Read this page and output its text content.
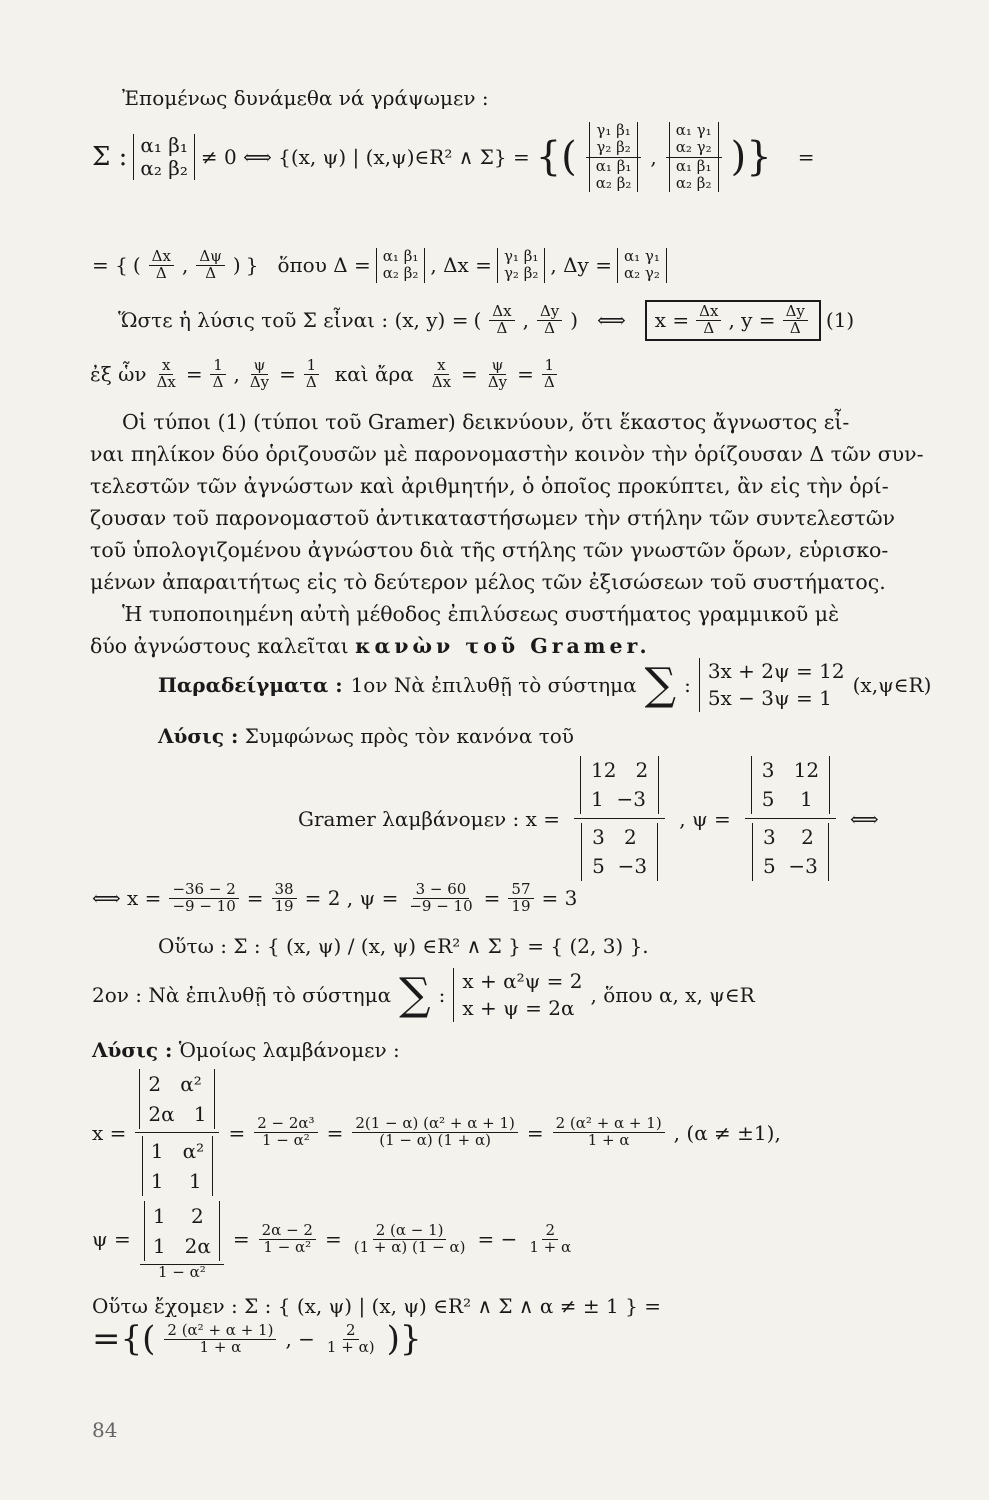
Ἐπομένως δυνάμεθα νά γράψωμεν :
Σ : α₁ β₁
α₂ β₂ ≠ 0 ⟺ {(x, ψ) | (x,ψ)∈R² ∧ Σ} = {( γ₁ β₁
γ₂ β₂
α₁ β₁
α₂ β₂ , α₁ γ₁
α₂ γ₂
α₁ β₁
α₂ β₂ )} =
= { ( $\frac{\Delta x}{\Delta}$ , $\frac{\Delta\psi}{\Delta}$ ) } ὅπου Δ = α₁ β₁
α₂ β₂ , Δx = γ₁ β₁
γ₂ β₂ , Δy = α₁ γ₁
α₂ γ₂
Ὥστε ἡ λύσις τοῦ Σ εἶναι : (x, y) = ( $\frac{\Delta x}{\Delta}$ , $\frac{\Delta y}{\Delta}$ ) ⟺ $x = \frac{\Delta x}{\Delta}$ , $y = \frac{\Delta y}{\Delta} (1)$
ἐξ ὧν $\frac{x}{\Delta x} = \frac{1}{\Delta}$ , $\frac{\psi}{\Delta y} = \frac{1}{\Delta}$ καὶ ἄρα $\frac{x}{\Delta x} = \frac{\psi}{\Delta y} = \frac{1}{\Delta}$
Οἱ τύποι (1) (τύποι τοῦ Gramer) δεικνύουν, ὅτι ἕκαστος ἄγνωστος εἶ-
ναι πηλίκον δύο ὁριζουσῶν μὲ παρονομαστὴν κοινὸν τὴν ὁρίζουσαν Δ τῶν συν-
τελεστῶν τῶν ἀγνώστων καὶ ἀριθμητήν, ὁ ὁποῖος προκύπτει, ἂν εἰς τὴν ὁρί-
ζουσαν τοῦ παρονομαστοῦ ἀντικαταστήσωμεν τὴν στήλην τῶν συντελεστῶν
τοῦ ὑπολογιζομένου ἀγνώστου διὰ τῆς στήλης τῶν γνωστῶν ὅρων, εὑρισκο-
μένων ἀπαραιτήτως εἰς τὸ δεύτερον μέλος τῶν ἐξισώσεων τοῦ συστήματος.
Ἡ τυποποιημένη αὐτὴ μέθοδος ἐπιλύσεως συστήματος γραμμικοῦ μὲ
δύο ἀγνώστους καλεῖται κανὼν τοῦ Gramer.
Παραδείγματα : 1ον Νὰ ἐπιλυθῇ τὸ σύστημα ∑ :
3x + 2ψ = 12
5x − 3ψ = 1
(x,ψ∈R)
Λύσις : Συμφώνως πρὸς τὸν κανόνα τοῦ
Gramer λαμβάνομεν : x = 12 2
1 −3
3 2
5 −3 , ψ = 3 12
5 1
3 2
5 −3 ⟺
⟺ $x = \frac{-36 - 2}{-9 - 10} = \frac{38}{19} = 2$ , $\psi = \frac{3 - 60}{-9 - 10} = \frac{57}{19} = 3$
Οὕτω : Σ : { (x, ψ) / (x, ψ) ∈R² ∧ Σ } = { (2, 3) }.
2ον : Νὰ ἐπιλυθῇ τὸ σύστημα ∑ :
x + α²ψ = 2
x + ψ = 2α
, ὅπου α, x, ψ∈R
Λύσις : Ὁμοίως λαμβάνομεν :
x = 2 α²
2α 1
1 α²
1 $1 = \frac{\text{2 − 2α³}}{\text{1 − α²}} = \frac{\text{2(1 − α) (α² + α + 1)}}{(1 - \alpha) (1 + \alpha)} = \frac{\text{2 (α² + α + 1)}}{1 + \alpha}$ , (α ≠ ±1),
ψ = 1 2
1 2α
$1 - \alpha^2 = \frac{2\alpha - 2}{\text{1 − α²}} = \frac{2 (\alpha - 1)}{(1 + \alpha) (1 - \alpha)}$ = − $\frac{2}{1 + \alpha}$
Οὕτω ἔχομεν : Σ : { (x, ψ) | (x, ψ) ∈R² ∧ Σ ∧ α ≠ ± 1 } =
={( $\frac{\text{2 (α² + α + 1)}}{1 + \alpha}$ , − $\frac{2}{1 + \alpha)}$ )}
84
